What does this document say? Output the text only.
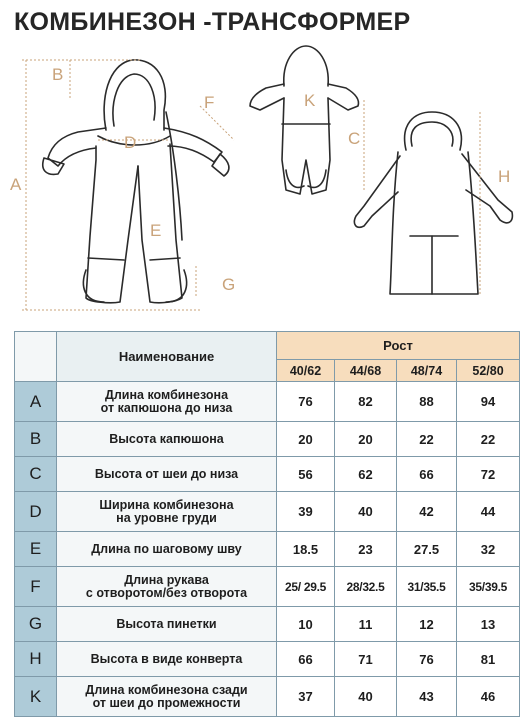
КОМБИНЕЗОН -ТРАНСФОРМЕР
A
B
C
D
E
F
G
H
K
	Наименование	Рост			
		40/62	44/68	48/74	52/80
A	Длина комбинезона
от капюшона до низа	76	82	88	94
B	Высота капюшона	20	20	22	22
C	Высота от шеи до низа	56	62	66	72
D	Ширина комбинезона
на уровне груди	39	40	42	44
E	Длина по шаговому шву	18.5	23	27.5	32
F	Длина рукава
с отворотом/без отворота	25/ 29.5	28/32.5	31/35.5	35/39.5
G	Высота пинетки	10	11	12	13
H	Высота в виде конверта	66	71	76	81
K	Длина комбинезона сзади
от шеи до промежности	37	40	43	46
